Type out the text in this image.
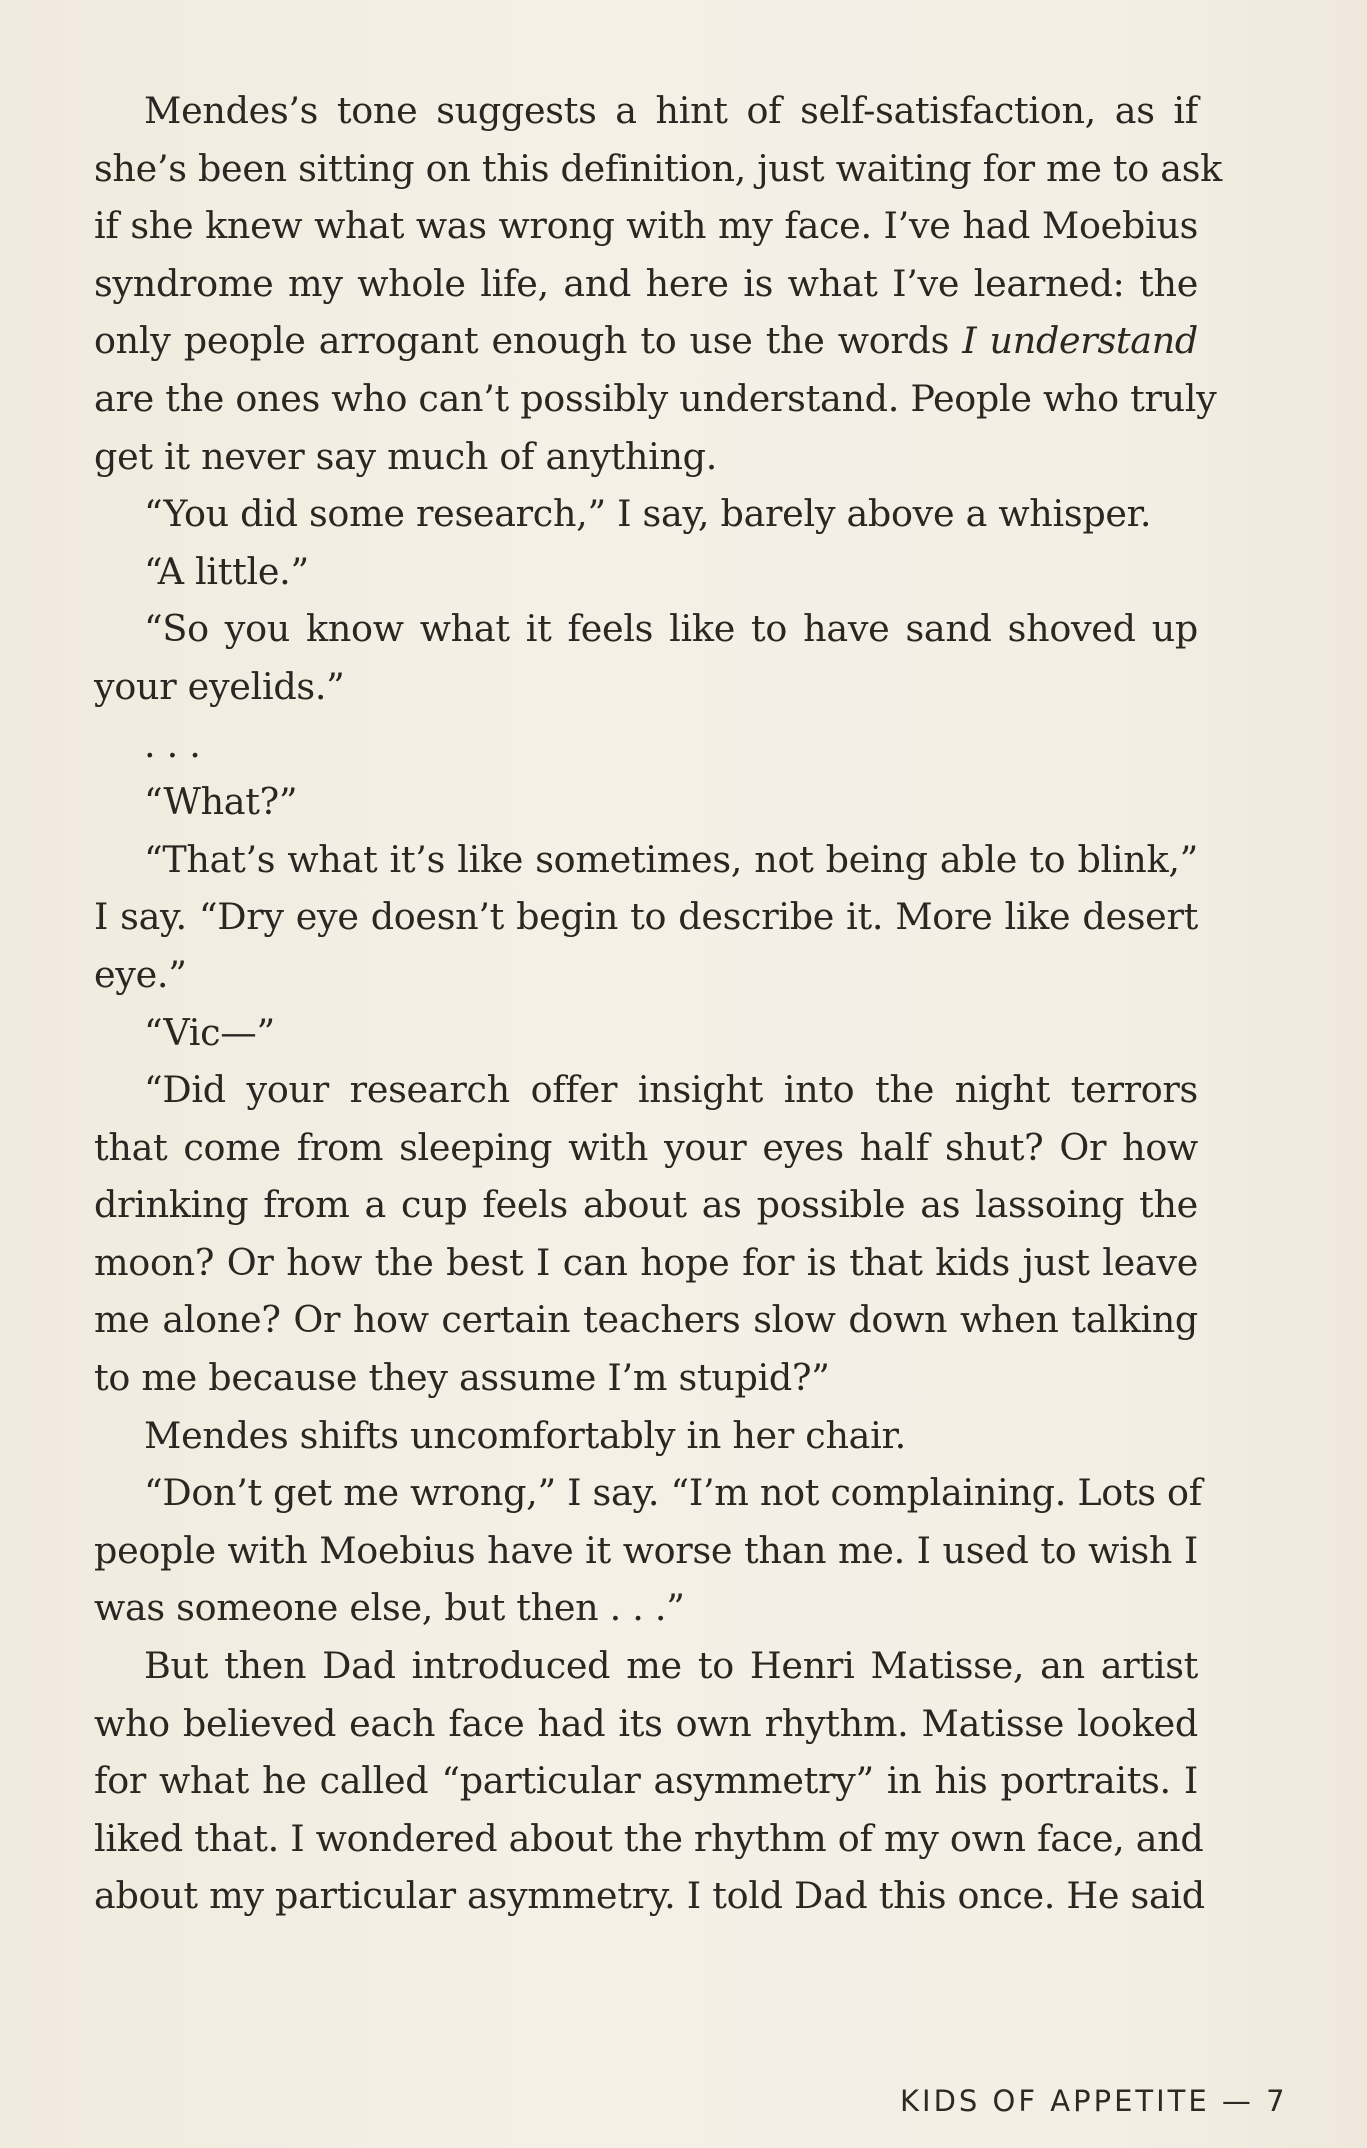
Mendes’s tone suggests a hint of self-satisfaction, as if
she’s been sitting on this definition, just waiting for me to ask
if she knew what was wrong with my face. I’ve had Moebius
syndrome my whole life, and here is what I’ve learned: the
only people arrogant enough to use the words I understand
are the ones who can’t possibly understand. People who truly
get it never say much of anything.
“You did some research,” I say, barely above a whisper.
“A little.”
“So you know what it feels like to have sand shoved up
your eyelids.”
. . .
“What?”
“That’s what it’s like sometimes, not being able to blink,”
I say. “Dry eye doesn’t begin to describe it. More like desert
eye.”
“Vic—”
“Did your research offer insight into the night terrors
that come from sleeping with your eyes half shut? Or how
drinking from a cup feels about as possible as lassoing the
moon? Or how the best I can hope for is that kids just leave
me alone? Or how certain teachers slow down when talking
to me because they assume I’m stupid?”
Mendes shifts uncomfortably in her chair.
“Don’t get me wrong,” I say. “I’m not complaining. Lots of
people with Moebius have it worse than me. I used to wish I
was someone else, but then . . .”
But then Dad introduced me to Henri Matisse, an artist
who believed each face had its own rhythm. Matisse looked
for what he called “particular asymmetry” in his portraits. I
liked that. I wondered about the rhythm of my own face, and
about my particular asymmetry. I told Dad this once. He said
KIDS OF APPETITE — 7
